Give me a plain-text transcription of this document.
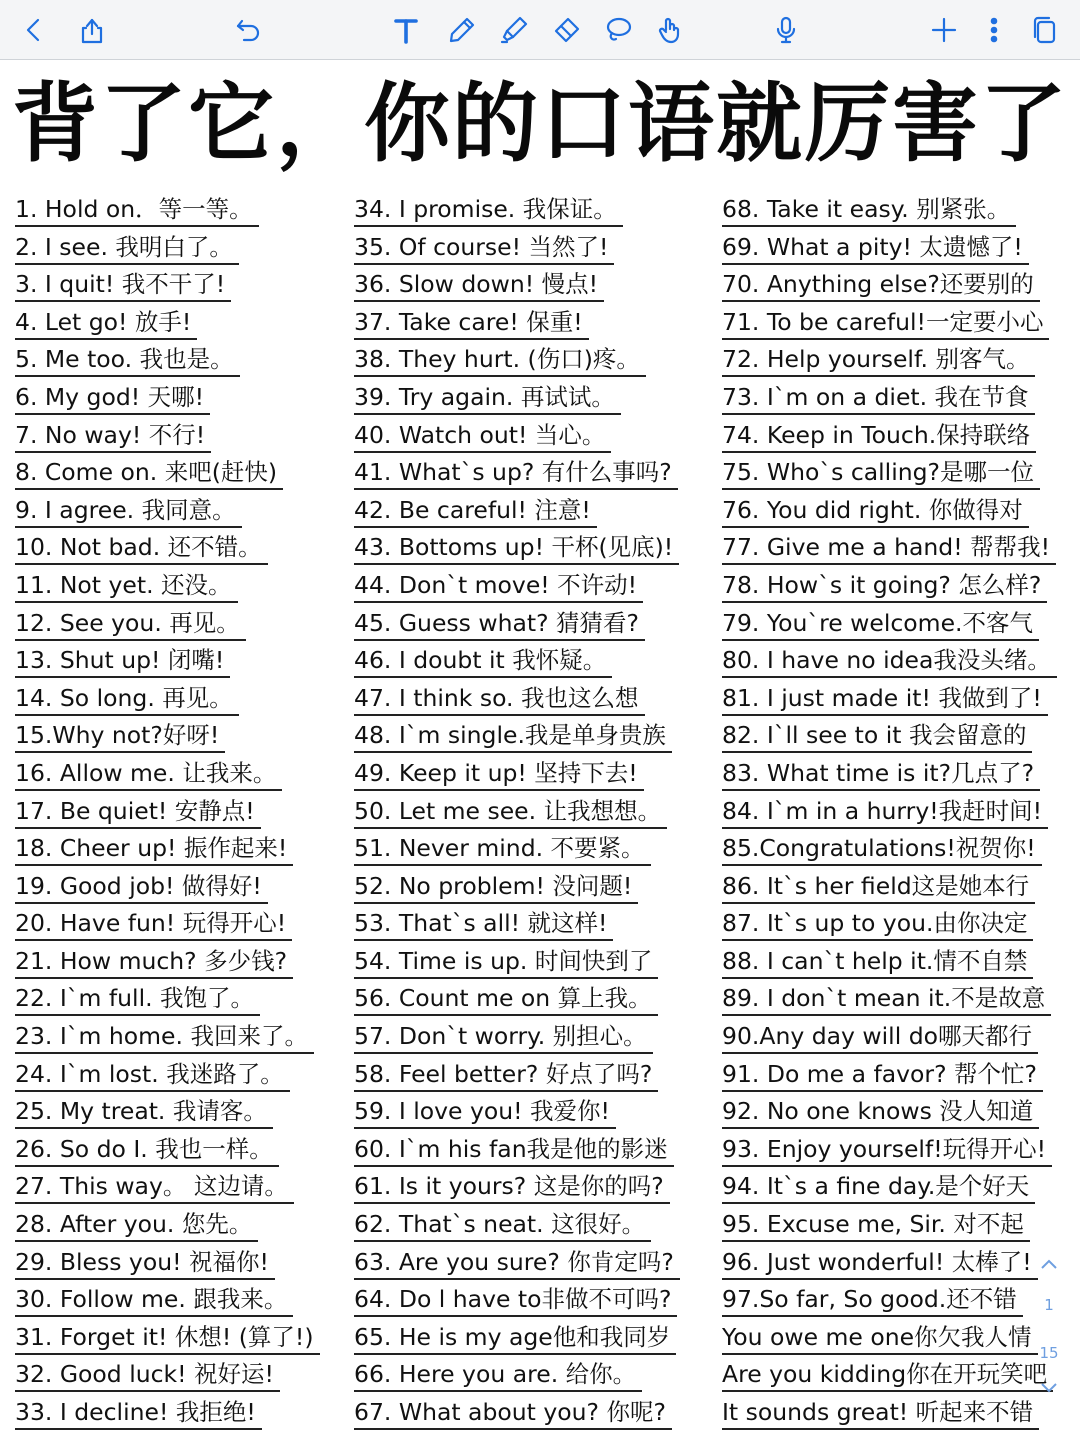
背了它，你的口语就厉害了
1. Hold on．等一等。
2. I see. 我明白了。
3. I quit! 我不干了!
4. Let go! 放手!
5. Me too. 我也是。
6. My god! 天哪!
7. No way! 不行!
8. Come on. 来吧(赶快)
9. I agree. 我同意。
10. Not bad. 还不错。
11. Not yet. 还没。
12. See you. 再见。
13. Shut up! 闭嘴!
14. So long. 再见。
15.Why not?好呀!
16. Allow me. 让我来。
17. Be quiet! 安静点!
18. Cheer up! 振作起来!
19. Good job! 做得好!
20. Have fun! 玩得开心!
21. How much? 多少钱?
22. I`m full. 我饱了。
23. I`m home. 我回来了。
24. I`m lost. 我迷路了。
25. My treat. 我请客。
26. So do I. 我也一样。
27. This way。 这边请。
28. After you. 您先。
29. Bless you! 祝福你!
30. Follow me. 跟我来。
31. Forget it! 休想! (算了!)
32. Good luck! 祝好运!
33. I decline! 我拒绝!
34. I promise. 我保证。
35. Of course! 当然了!
36. Slow down! 慢点!
37. Take care! 保重!
38. They hurt. (伤口)疼。
39. Try again. 再试试。
40. Watch out! 当心。
41. What`s up? 有什么事吗?
42. Be careful! 注意!
43. Bottoms up! 干杯(见底)!
44. Don`t move! 不许动!
45. Guess what? 猜猜看?
46. I doubt it 我怀疑。
47. I think so. 我也这么想
48. I`m single.我是单身贵族
49. Keep it up! 坚持下去!
50. Let me see. 让我想想。
51. Never mind. 不要紧。
52. No problem! 没问题!
53. That`s all! 就这样!
54. Time is up. 时间快到了
56. Count me on 算上我。
57. Don`t worry. 别担心。
58. Feel better? 好点了吗?
59. I love you! 我爱你!
60. I`m his fan我是他的影迷
61. Is it yours? 这是你的吗?
62. That`s neat. 这很好。
63. Are you sure? 你肯定吗?
64. Do l have to非做不可吗?
65. He is my age他和我同岁
66. Here you are. 给你。
67. What about you? 你呢?
68. Take it easy. 别紧张。
69. What a pity! 太遗憾了!
70. Anything else?还要别的
71. To be careful!一定要小心
72. Help yourself. 别客气。
73. I`m on a diet. 我在节食
74. Keep in Touch.保持联络
75. Who`s calling?是哪一位
76. You did right. 你做得对
77. Give me a hand! 帮帮我!
78. How`s it going? 怎么样?
79. You`re welcome.不客气
80. I have no idea我没头绪。
81. I just made it! 我做到了!
82. I`ll see to it 我会留意的
83. What time is it?几点了?
84. I`m in a hurry!我赶时间!
85.Congratulations!祝贺你!
86. It`s her field这是她本行
87. It`s up to you.由你决定
88. I can`t help it.情不自禁
89. I don`t mean it.不是故意
90.Any day will do哪天都行
91. Do me a favor? 帮个忙?
92. No one knows 没人知道
93. Enjoy yourself!玩得开心!
94. It`s a fine day.是个好天
95. Excuse me, Sir. 对不起
96. Just wonderful! 太棒了!
97.So far, So good.还不错
You owe me one你欠我人情
Are you kidding你在开玩笑吧
It sounds great! 听起来不错
1
15
